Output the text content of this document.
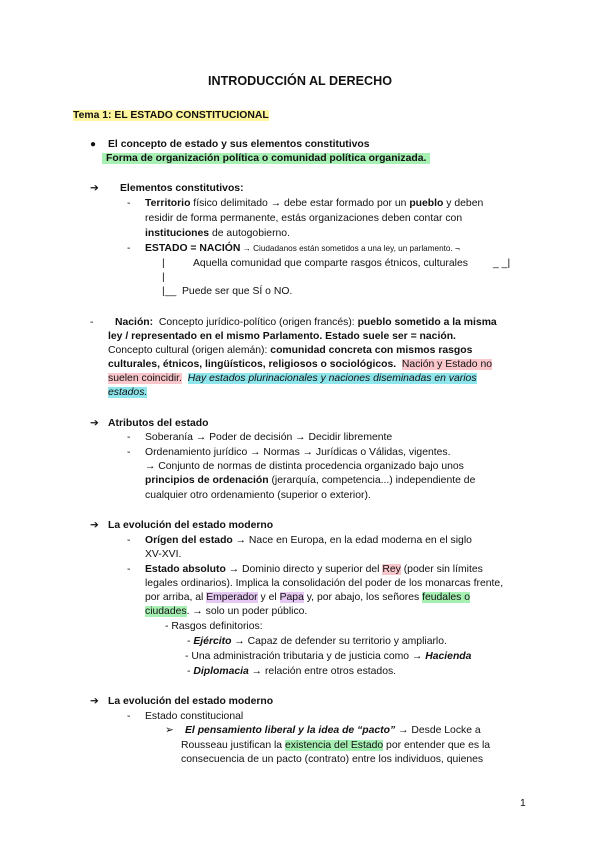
INTRODUCCIÓN AL DERECHO
Tema 1: EL ESTADO CONSTITUCIONAL
● El concepto de estado y sus elementos constitutivos
Forma de organización política o comunidad política organizada.
➔ Elementos constitutivos:
- Territorio físico delimitado → debe estar formado por un pueblo y deben
residir de forma permanente, estás organizaciones deben contar con
instituciones de autogobierno.
- ESTADO = NACIÓN → Ciudadanos están sometidos a una ley, un parlamento. ¬
|	Aquella comunidad que comparte rasgos étnicos, culturales _ _|
|
|__ Puede ser que SÍ o NO.
- Nación: Concepto jurídico-político (origen francés): pueblo sometido a la misma
ley / representado en el mismo Parlamento. Estado suele ser = nación.
Concepto cultural (origen alemán): comunidad concreta con mismos rasgos
culturales, étnicos, lingüísticos, religiosos o sociológicos. Nación y Estado no
suelen coincidir. Hay estados plurinacionales y naciones diseminadas en varios
estados.
➔ Atributos del estado
- Soberanía → Poder de decisión → Decidir libremente
- Ordenamiento jurídico → Normas → Jurídicas o Válidas, vigentes.
→ Conjunto de normas de distinta procedencia organizado bajo unos
principios de ordenación (jerarquía, competencia...) independiente de
cualquier otro ordenamiento (superior o exterior).
➔ La evolución del estado moderno
- Orígen del estado → Nace en Europa, en la edad moderna en el siglo
XV-XVI.
- Estado absoluto → Dominio directo y superior del Rey (poder sin límites
legales ordinarios). Implica la consolidación del poder de los monarcas frente,
por arriba, al Emperador y el Papa y, por abajo, los señores feudales o
ciudades. → solo un poder público.
- Rasgos definitorios:
- Ejército → Capaz de defender su territorio y ampliarlo.
- Una administración tributaria y de justicia como → Hacienda
- Diplomacia → relación entre otros estados.
➔ La evolución del estado moderno
- Estado constitucional
➢ El pensamiento liberal y la idea de “pacto” → Desde Locke a
Rousseau justifican la existencia del Estado por entender que es la
consecuencia de un pacto (contrato) entre los individuos, quienes
1
